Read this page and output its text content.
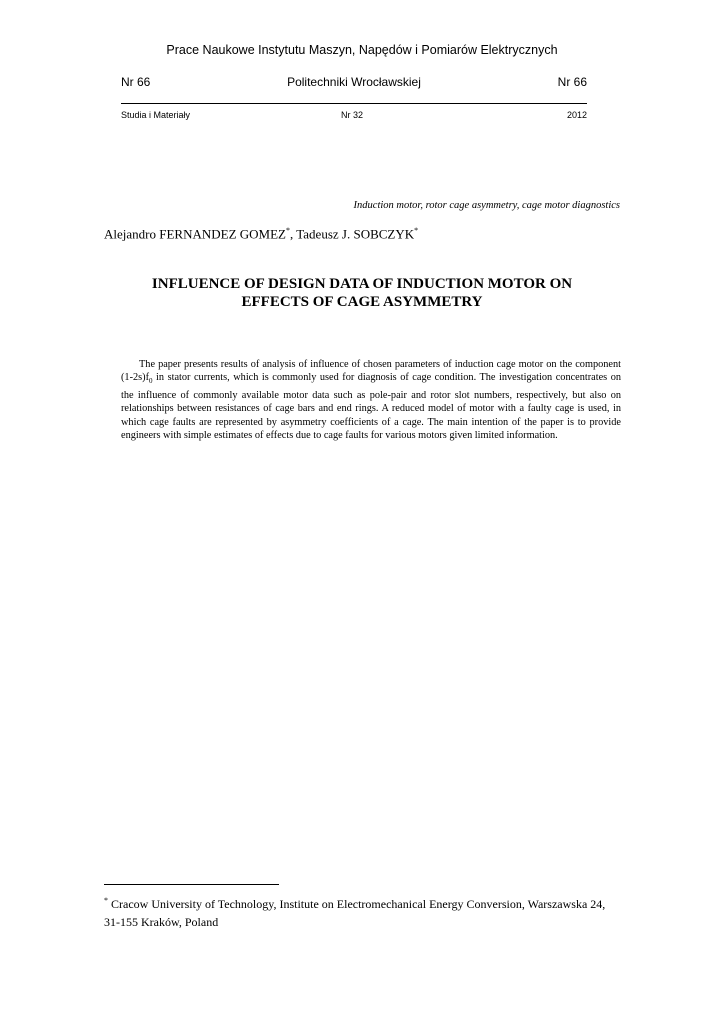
Prace Naukowe Instytutu Maszyn, Napędów i Pomiarów Elektrycznych
Nr 66	Politechniki Wrocławskiej	Nr 66
Studia i Materiały	Nr 32	2012
Induction motor, rotor cage asymmetry, cage motor diagnostics
Alejandro FERNANDEZ GOMEZ*, Tadeusz J. SOBCZYK*
INFLUENCE OF DESIGN DATA OF INDUCTION MOTOR ON
EFFECTS OF CAGE ASYMMETRY

The paper presents results of analysis of influence of chosen parameters of induction cage motor on the component $(1-2s)f_0$ in stator currents, which is commonly used for diagnosis of cage condition. The investigation concentrates on the influence of commonly available motor data such as pole-pair and rotor slot numbers, respectively, but also on relationships between resistances of cage bars and end rings. A reduced model of motor with a faulty cage is used, in which cage faults are represented by asymmetry coefficients of a cage. The main intention of the paper is to provide engineers with simple estimates of effects due to cage faults for various motors given limited information.

* Cracow University of Technology, Institute on Electromechanical Energy Conversion, Warszawska 24, 31-155 Kraków, Poland
